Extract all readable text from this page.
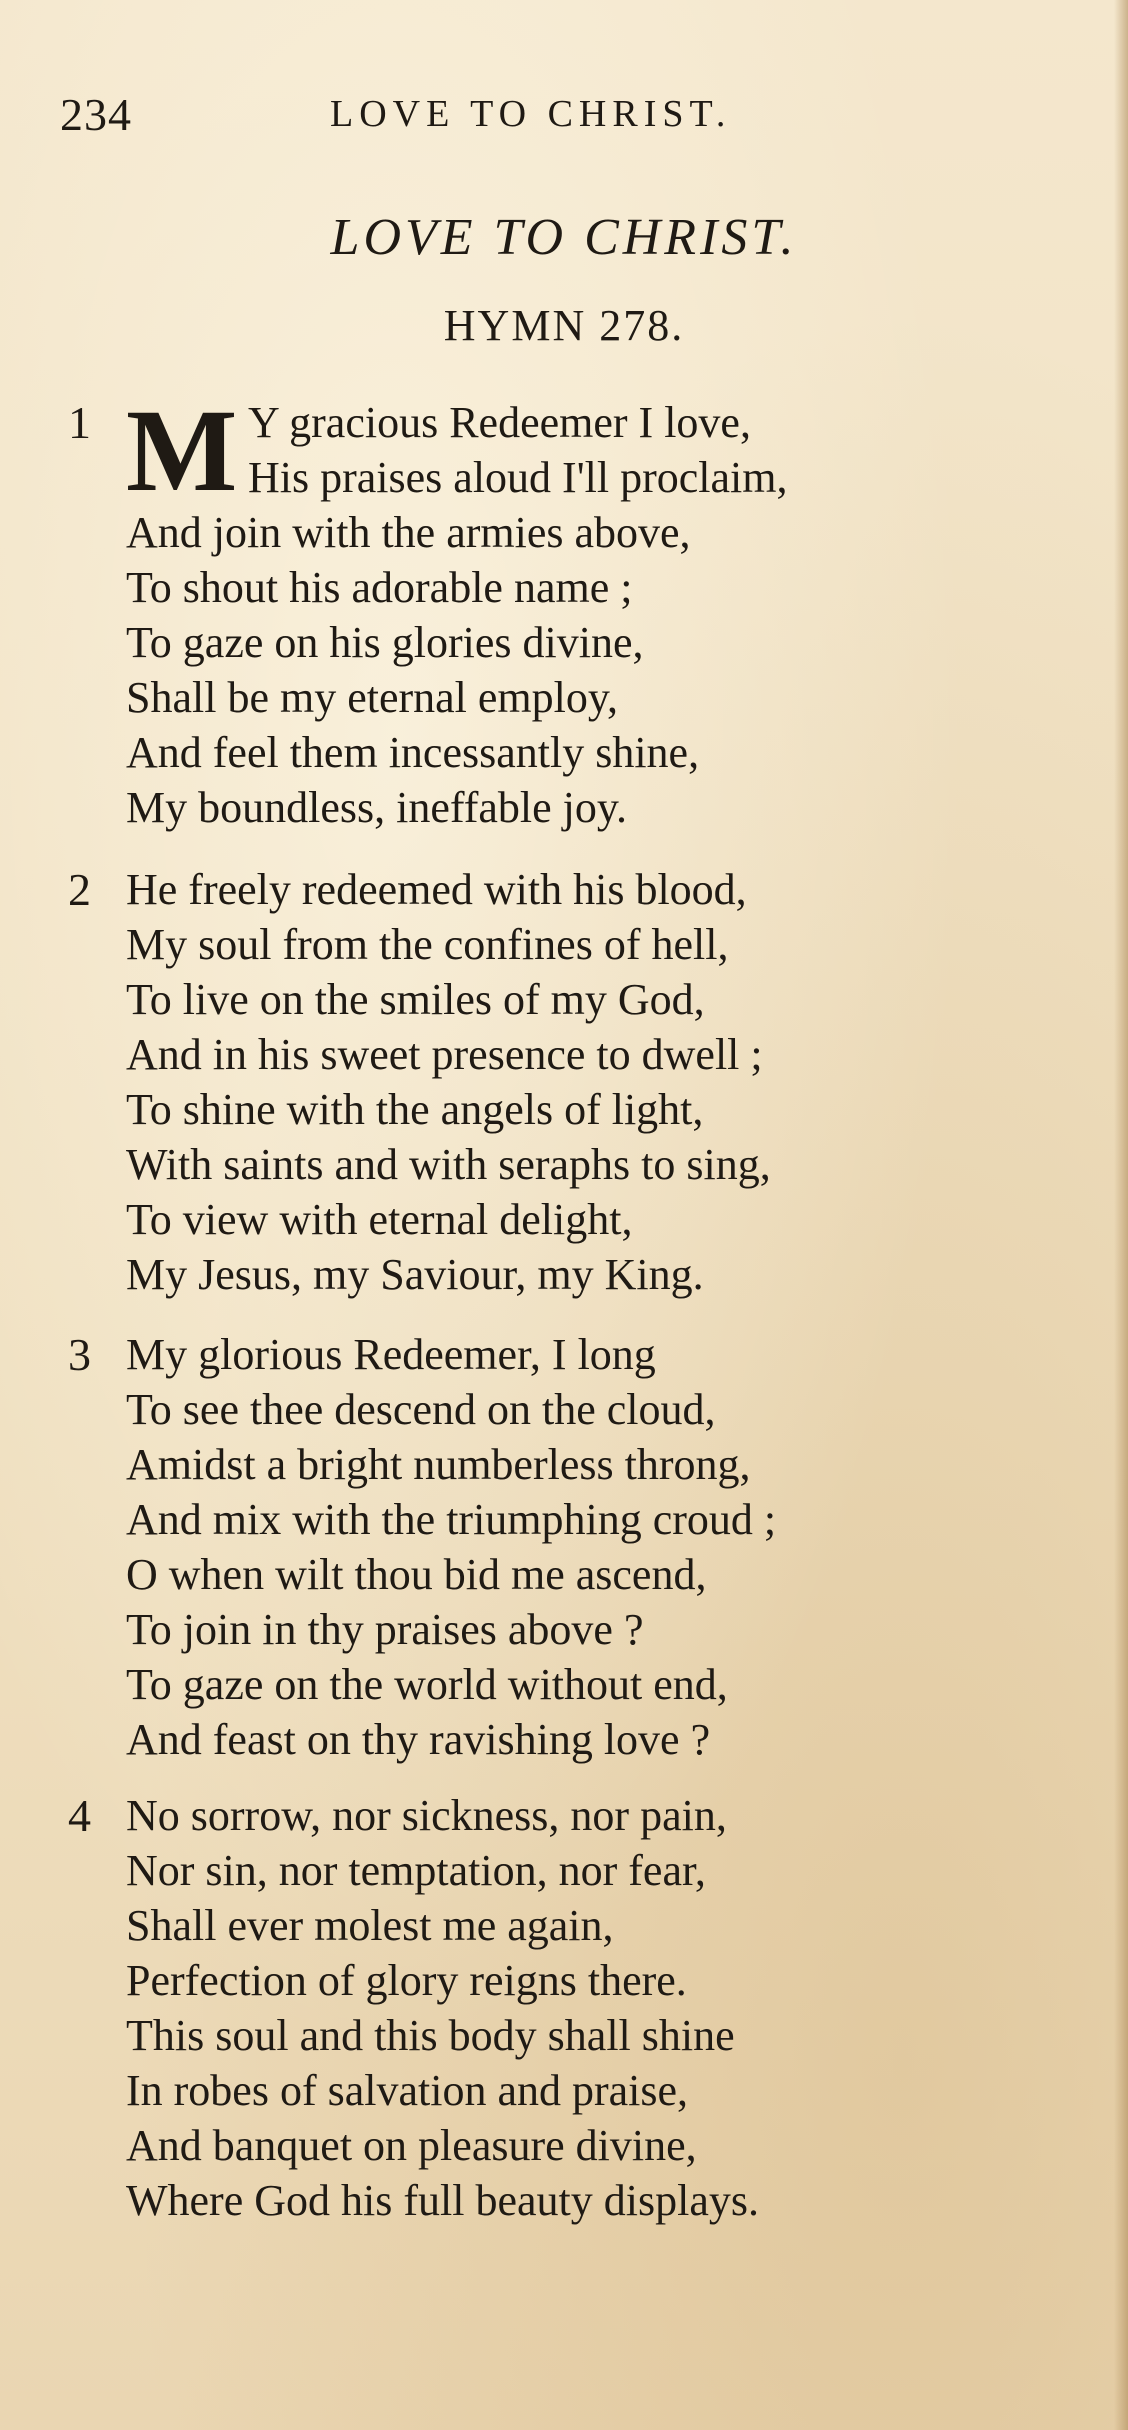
234	LOVE TO CHRIST.
LOVE TO CHRIST.
HYMN 278.
1 M Y gracious Redeemer I love,
His praises aloud I'll proclaim,
And join with the armies above,
To shout his adorable name ;
To gaze on his glories divine,
Shall be my eternal employ,
And feel them incessantly shine,
My boundless, ineffable joy.
2 He freely redeemed with his blood,
My soul from the confines of hell,
To live on the smiles of my God,
And in his sweet presence to dwell ;
To shine with the angels of light,
With saints and with seraphs to sing,
To view with eternal delight,
My Jesus, my Saviour, my King.
3 My glorious Redeemer, I long
To see thee descend on the cloud,
Amidst a bright numberless throng,
And mix with the triumphing croud ;
O when wilt thou bid me ascend,
To join in thy praises above ?
To gaze on the world without end,
And feast on thy ravishing love ?
4 No sorrow, nor sickness, nor pain,
Nor sin, nor temptation, nor fear,
Shall ever molest me again,
Perfection of glory reigns there.
This soul and this body shall shine
In robes of salvation and praise,
And banquet on pleasure divine,
Where God his full beauty displays.
